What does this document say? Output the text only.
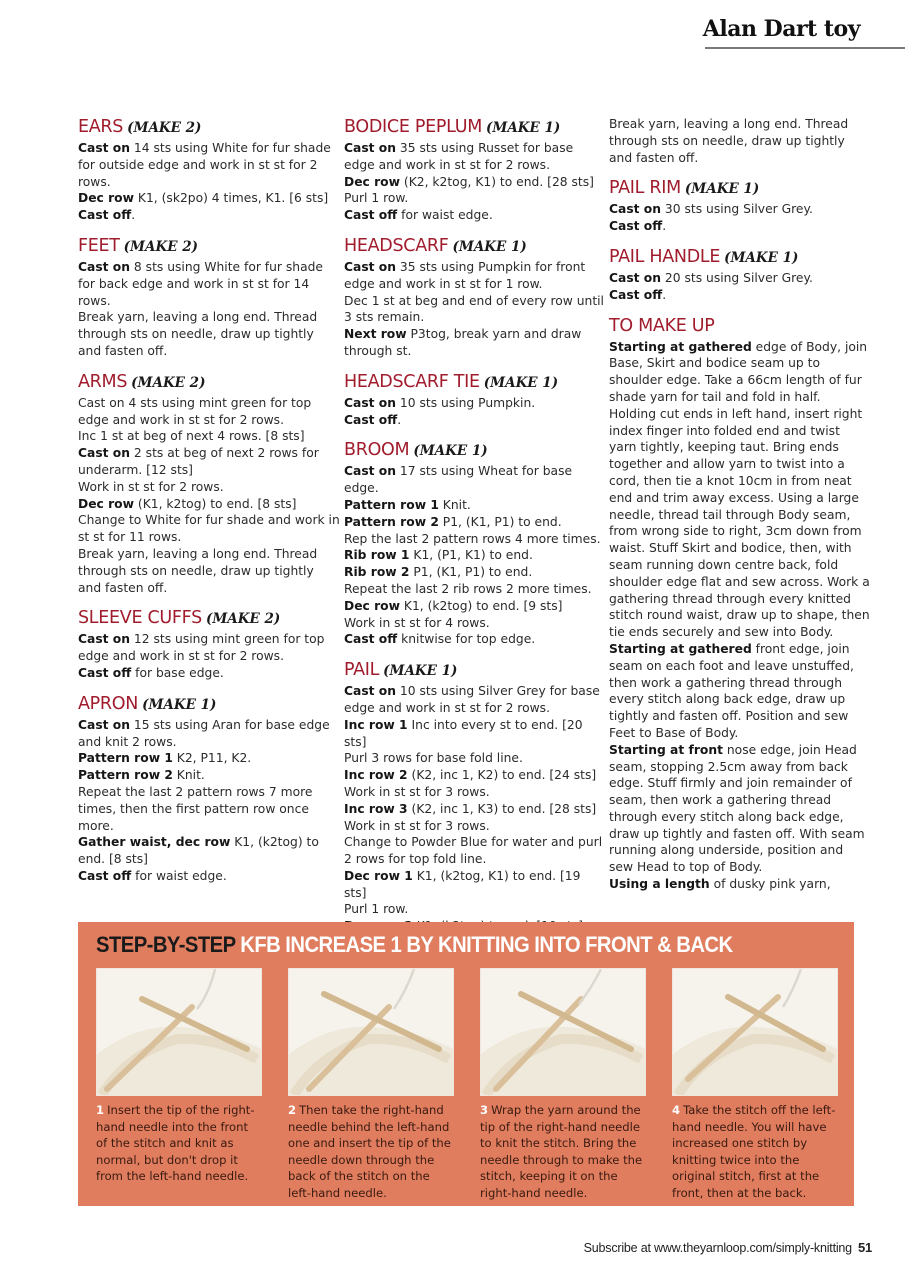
Alan Dart toy
EARS (MAKE 2)

Cast on 14 sts using White for fur shade for outside edge and work in st st for 2 rows.

Dec row K1, (sk2po) 4 times, K1. [6 sts]

Cast off.

FEET (MAKE 2)

Cast on 8 sts using White for fur shade for back edge and work in st st for 14 rows.

Break yarn, leaving a long end. Thread through sts on needle, draw up tightly and fasten off.

ARMS (MAKE 2)

Cast on 4 sts using mint green for top edge and work in st st for 2 rows.

Inc 1 st at beg of next 4 rows. [8 sts]

Cast on 2 sts at beg of next 2 rows for underarm. [12 sts]

Work in st st for 2 rows.

Dec row (K1, k2tog) to end. [8 sts]

Change to White for fur shade and work in st st for 11 rows.

Break yarn, leaving a long end. Thread through sts on needle, draw up tightly and fasten off.

SLEEVE CUFFS (MAKE 2)

Cast on 12 sts using mint green for top edge and work in st st for 2 rows.

Cast off for base edge.

APRON (MAKE 1)

Cast on 15 sts using Aran for base edge and knit 2 rows.

Pattern row 1 K2, P11, K2.

Pattern row 2 Knit.

Repeat the last 2 pattern rows 7 more times, then the first pattern row once more.

Gather waist, dec row K1, (k2tog) to end. [8 sts]

Cast off for waist edge.

BODICE PEPLUM (MAKE 1)

Cast on 35 sts using Russet for base edge and work in st st for 2 rows.

Dec row (K2, k2tog, K1) to end. [28 sts]

Purl 1 row.

Cast off for waist edge.

HEADSCARF (MAKE 1)

Cast on 35 sts using Pumpkin for front edge and work in st st for 1 row.

Dec 1 st at beg and end of every row until 3 sts remain.

Next row P3tog, break yarn and draw through st.

HEADSCARF TIE (MAKE 1)

Cast on 10 sts using Pumpkin.

Cast off.

BROOM (MAKE 1)

Cast on 17 sts using Wheat for base edge.

Pattern row 1 Knit.

Pattern row 2 P1, (K1, P1) to end.

Rep the last 2 pattern rows 4 more times.

Rib row 1 K1, (P1, K1) to end.

Rib row 2 P1, (K1, P1) to end.

Repeat the last 2 rib rows 2 more times.

Dec row K1, (k2tog) to end. [9 sts]

Work in st st for 4 rows.

Cast off knitwise for top edge.

PAIL (MAKE 1)

Cast on 10 sts using Silver Grey for base edge and work in st st for 2 rows.

Inc row 1 Inc into every st to end. [20 sts]

Purl 3 rows for base fold line.

Inc row 2 (K2, inc 1, K2) to end. [24 sts]

Work in st st for 3 rows.

Inc row 3 (K2, inc 1, K3) to end. [28 sts]

Work in st st for 3 rows.

Change to Powder Blue for water and purl 2 rows for top fold line.

Dec row 1 K1, (k2tog, K1) to end. [19 sts]

Purl 1 row.

Break yarn, leaving a long end. Thread through sts on needle, draw up tightly and fasten off.

PAIL RIM (MAKE 1)

Cast on 30 sts using Silver Grey.

Cast off.

PAIL HANDLE (MAKE 1)

Cast on 20 sts using Silver Grey.

Cast off.

TO MAKE UP

Starting at gathered edge of Body, join Base, Skirt and bodice seam up to shoulder edge. Take a 66cm length of fur shade yarn for tail and fold in half. Holding cut ends in left hand, insert right index finger into folded end and twist yarn tightly, keeping taut. Bring ends together and allow yarn to twist into a cord, then tie a knot 10cm in from neat end and trim away excess. Using a large needle, thread tail through Body seam, from wrong side to right, 3cm down from waist. Stuff Skirt and bodice, then, with seam running down centre back, fold shoulder edge flat and sew across. Work a gathering thread through every knitted stitch round waist, draw up to shape, then tie ends securely and sew into Body.

Starting at gathered front edge, join seam on each foot and leave unstuffed, then work a gathering thread through every stitch along back edge, draw up tightly and fasten off. Position and sew Feet to Base of Body.

Starting at front nose edge, join Head seam, stopping 2.5cm away from back edge. Stuff firmly and join remainder of seam, then work a gathering thread through every stitch along back edge, draw up tightly and fasten off. With seam running along underside, position and sew Head to top of Body.

Using a length of dusky pink yarn,

STEP-BY-STEP KFB INCREASE 1 BY KNITTING INTO FRONT & BACK
1 Insert the tip of the right-hand needle into the front of the stitch and knit as normal, but don't drop it from the left-hand needle.
2 Then take the right-hand needle behind the left-hand one and insert the tip of the needle down through the back of the stitch on the left-hand needle.
3 Wrap the yarn around the tip of the right-hand needle to knit the stitch. Bring the needle through to make the stitch, keeping it on the right-hand needle.
4 Take the stitch off the left-hand needle. You will have increased one stitch by knitting twice into the original stitch, first at the front, then at the back.
Subscribe at www.theyarnloop.com/simply-knitting 51
